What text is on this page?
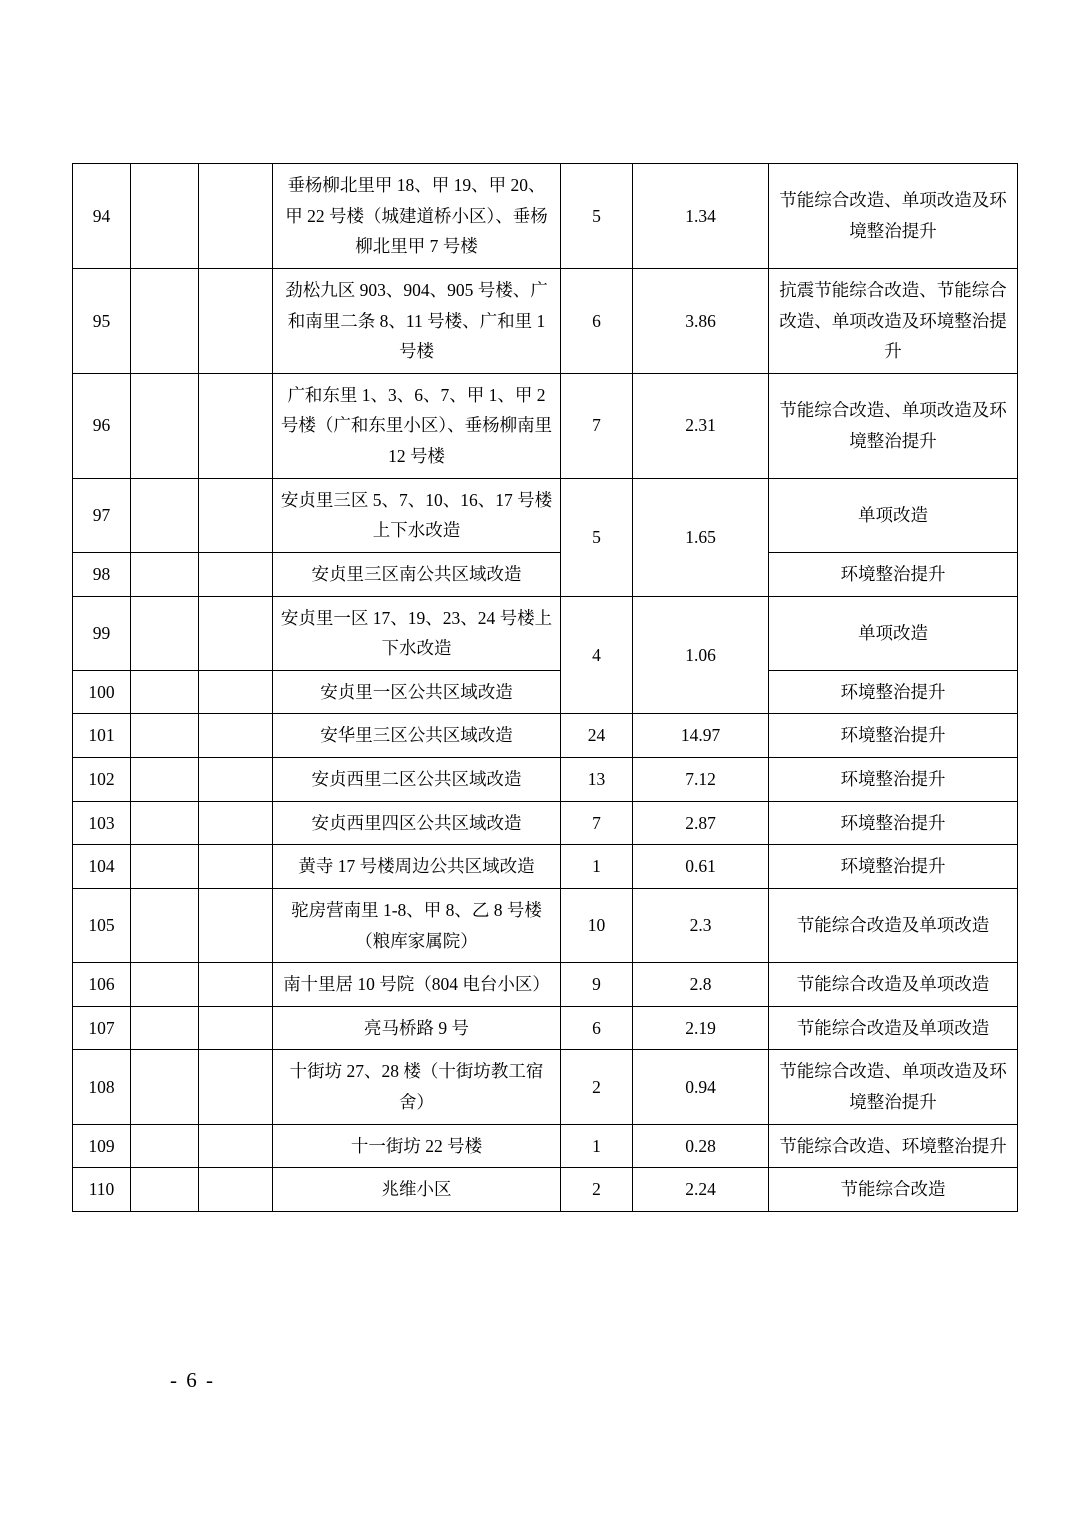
94			垂杨柳北里甲 18、甲 19、甲 20、甲 22 号楼（城建道桥小区）、垂杨柳北里甲 7 号楼	5	1.34	节能综合改造、单项改造及环境整治提升
95			劲松九区 903、904、905 号楼、广和南里二条 8、11 号楼、广和里 1 号楼	6	3.86	抗震节能综合改造、节能综合改造、单项改造及环境整治提升
96			广和东里 1、3、6、7、甲 1、甲 2 号楼（广和东里小区）、垂杨柳南里 12 号楼	7	2.31	节能综合改造、单项改造及环境整治提升
97			安贞里三区 5、7、10、16、17 号楼上下水改造	5	1.65	单项改造
98			安贞里三区南公共区域改造			环境整治提升
99			安贞里一区 17、19、23、24 号楼上下水改造	4	1.06	单项改造
100			安贞里一区公共区域改造			环境整治提升
101			安华里三区公共区域改造	24	14.97	环境整治提升
102			安贞西里二区公共区域改造	13	7.12	环境整治提升
103			安贞西里四区公共区域改造	7	2.87	环境整治提升
104			黄寺 17 号楼周边公共区域改造	1	0.61	环境整治提升
105			驼房营南里 1-8、甲 8、乙 8 号楼（粮库家属院）	10	2.3	节能综合改造及单项改造
106			南十里居 10 号院（804 电台小区）	9	2.8	节能综合改造及单项改造
107			亮马桥路 9 号	6	2.19	节能综合改造及单项改造
108			十街坊 27、28 楼（十街坊教工宿舍）	2	0.94	节能综合改造、单项改造及环境整治提升
109			十一街坊 22 号楼	1	0.28	节能综合改造、环境整治提升
110			兆维小区	2	2.24	节能综合改造
- 6 -
